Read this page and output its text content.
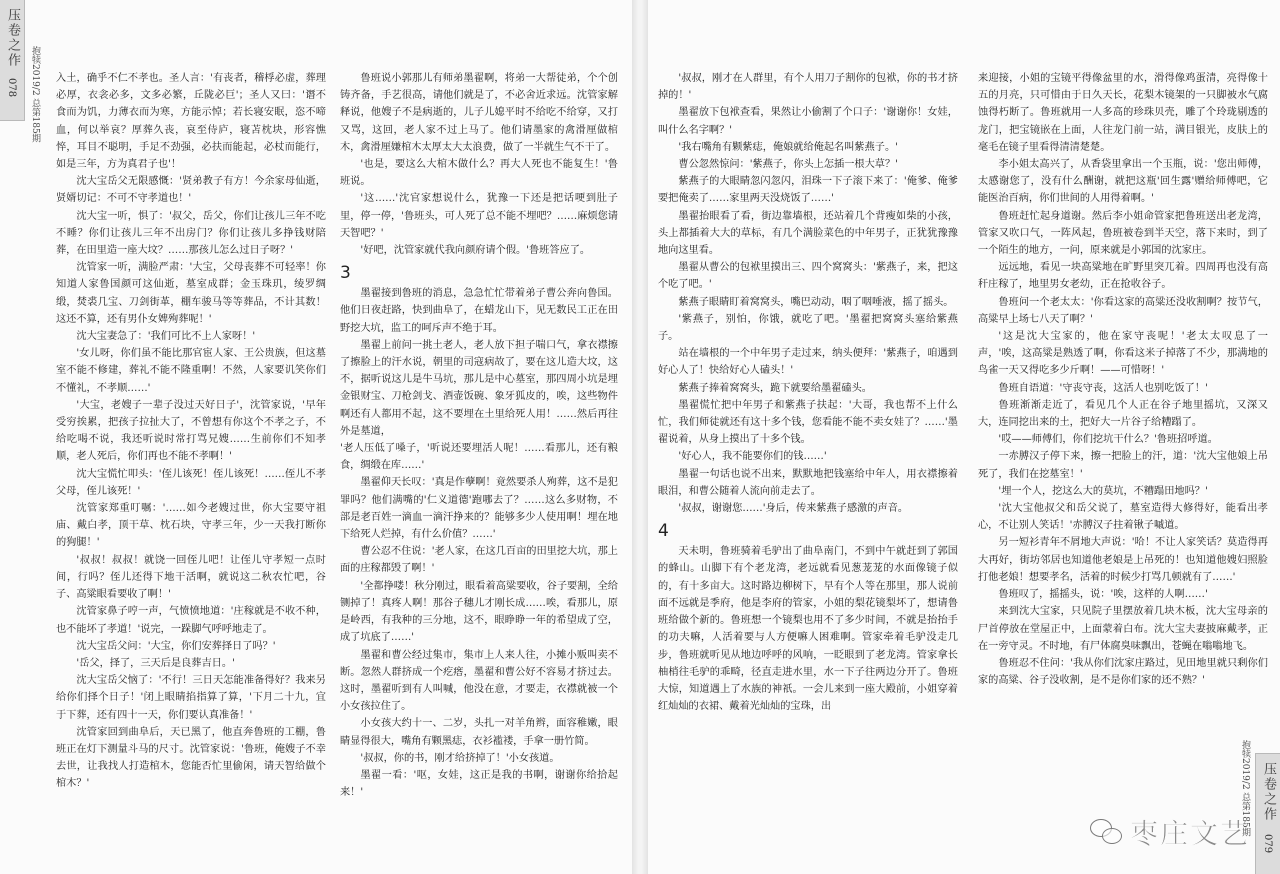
压卷之作
078 抱犊2019/2 总第185期 入土，确乎不仁不孝也。圣人言：'有丧者，稽桴必虚，葬理必厚，衣衾必多，文多必繁，丘陇必巨'；圣人又曰：'谮不食而为饥，力薄衣而为寒，方能示悼；若长寝安眠，恣不啼血，何以举哀？厚葬久丧，哀至侍庐，寝苫枕块，形容憔悴，耳目不聪明，手足不劲强，必扶而能起，必杖而能行，如是三年，方为真君子也'！

沈大宝岳父无限感慨：'贤弟教子有方！今余家母仙逝，贤婿切记：不可不守孝道也！'

沈大宝一听，惧了：'叔父，岳父，你们让孩儿三年不吃不睡？你们让孩儿三年不出房门？你们让孩儿多挣钱财陪葬，在田里造一座大坟？……那孩儿怎么过日子呀？'

沈管家一听，满脸严肃：'大宝，父母丧葬不可轻率！你知道人家鲁国颜可这仙逝，墓室成群；金玉珠玑，绫罗绸缎，焚裘几宝、刀剑街革，棚车骏马等等葬品，不计其数！这还不算，还有男仆女婢殉葬呢！'

沈大宝妻急了：'我们可比不上人家呀！'

'女儿呀，你们虽不能比那官宦人家、王公贵族，但这墓室不能不修建，葬礼不能不隆重啊！不然，人家要讥笑你们不懂礼，不孝顺……'

'大宝，老嫂子一辈子没过天好日子'，沈管家说，'早年受穷挨累，把孩子拉扯大了，不曾想有你这个不孝之子，不给吃喝不说，我还听说时常打骂兄嫂……生前你们不知孝顺，老人死后，你们再也不能不孝啊！'

沈大宝慌忙叩头：'侄儿该死！侄儿该死！……侄儿不孝父母，侄儿该死！'

沈管家郑重叮嘱：'……如今老嫂过世，你大宝要守祖庙、戴白孝，顶干草、枕石块，守孝三年，少一天我打断你的狗腿！'

'叔叔！叔叔！就饶一回侄儿吧！让侄儿守孝短一点时间，行吗？侄儿还得下地干活啊，就说这二秋农忙吧，谷子、高粱眼看要收了啊！'

沈管家鼻子哼一声，气愤愤地道：'庄稼就是不收不种，也不能坏了孝道！'说完，一跺脚气呼呼地走了。

沈大宝岳父问：'大宝，你们安葬择日了吗？'

'岳父，择了，三天后是良葬吉日。'

沈大宝岳父恼了：'不行！三日天怎能准备得好？我来另给你们择个日子！'闭上眼睛掐指算了算，'下月二十九，宜于下葬，还有四十一天，你们要认真准备！'

沈管家回到曲阜后，天已黑了，他直奔鲁班的工棚，鲁班正在灯下测量斗马的尺寸。沈管家说：'鲁班，俺嫂子不幸去世，让我找人打造棺木，您能否忙里偷闲，请天智给做个棺木？'

鲁班说小郭那儿有师弟墨翟啊，将弟一大帮徒弟，个个创铸齐备，手艺很高，请他们就是了，不必舍近求远。沈管家解释说，他嫂子不是病逝的，儿子儿媳平时不给吃不给穿，又打又骂，这回，老人家不过上马了。他们请墨家的禽滑厘做棺木，禽滑厘嫌棺木太厚太大太浪费，做了一半就生气不干了。

'也是，要这么大棺木做什么？再大人死也不能复生！'鲁班说。

'这……'沈官家想说什么，犹豫一下还是把话哽到肚子里，停一停，'鲁班头，可人死了总不能不埋吧？……麻烦您请天智吧？'

'好吧，沈管家就代我向颜府请个假。'鲁班答应了。

3

墨翟接到鲁班的消息，急急忙忙带着弟子曹公奔向鲁国。他们日夜赶路，快到曲阜了，在蜡龙山下，见无数民工正在田野挖大坑，监工的呵斥声不绝于耳。

墨翟上前问一挑土老人，老人放下担子喘口气，拿衣襟擦了擦脸上的汗水说，朝里的司寇病故了，要在这儿造大坟，这不，据听说这儿是牛马坑，那儿是中心墓室，那四周小坑是埋金银财宝、刀枪剑戈、酒壶饭碗、象牙狐皮的，唉，这些物件啊还有人都用不起，这不要埋在土里给死人用！……然后再往外是墓道，

'老人压低了嗓子，'听说还要埋活人呢！……看那儿，还有粮食，绸缎在库……'

墨翟仰天长叹：'真是作孽啊！竟然要杀人殉葬，这不是犯罪吗？他们满嘴的'仁义道德'跑哪去了？……这么多财物，不部是老百姓一滴血一滴汗挣来的？能够多少人使用啊！埋在地下给死人烂掉，有什么价值？……'

曹公忍不住说：'老人家，在这几百亩的田里挖大坑，那上面的庄稼都毁了啊！'

'全都挣喽！秋分刚过，眼看着高粱要收，谷子要割，全给铡掉了！真疼人啊！那谷子穗儿才刚长成……唉，看那儿，原是岭西，有我种的三分地，这不，眼睁睁一年的希望成了空，成了坑底了……'

墨翟和曹公经过集市，集市上人来人往，小摊小贩叫卖不断。忽然人群挤成一个疙瘩，墨翟和曹公好不容易才挤过去。这时，墨翟听到有人叫喊，他没在意，才要走，衣襟就被一个小女孩拉住了。

小女孩大约十一、二岁，头扎一对羊角辫，面容稚嫩，眼睛显得很大，嘴角有颗黑痣，衣衫褴褛，手拿一册竹简。

'叔叔，你的书，刚才给挤掉了！'小女孩道。

墨翟一看：'呕，女娃，这正是我的书啊，谢谢你给拾起来！'

'叔叔，刚才在人群里，有个人用刀子割你的包袱，你的书才挤掉的！'

墨翟放下包袱查看，果然让小偷割了个口子：'谢谢你！女娃，叫什么名字啊？'

'我右嘴角有颗紫痣，俺娘就给俺起名叫紫燕子。'

曹公忽然惊问：'紫燕子，你头上怎插一根大草？'

紫燕子的大眼睛忽闪忽闪，泪珠一下子滚下来了：'俺爹、俺爹要把俺卖了……家里两天没烧饭了……'

墨翟抬眼看了看，街边靠墙根，还站着几个背瘦如柴的小孩，头上都插着大大的草标，有几个满脸菜色的中年男子，正犹犹豫豫地向这里看。

墨翟从曹公的包袱里摸出三、四个窝窝头：'紫燕子，来，把这个吃了吧。'

紫燕子眼睛盯着窝窝头，嘴巴动动，咽了咽唾液，摇了摇头。

'紫燕子，别怕，你饿，就吃了吧。'墨翟把窝窝头塞给紫燕子。

站在墙根的一个中年男子走过来，纳头便拜：'紫燕子，咱遇到好心人了！快给好心人磕头！'

紫燕子捧着窝窝头，跪下就要给墨翟磕头。

墨翟慌忙把中年男子和紫燕子扶起：'大哥，我也帮不上什么忙，我们师徒就还有这十多个钱，您看能不能不卖女娃了？……'墨翟说着，从身上摸出了十多个钱。

'好心人，我不能要你们的钱……'

墨翟一句话也说不出来，默默地把钱塞给中年人，用衣襟擦着眼泪，和曹公随着人流向前走去了。

'叔叔，谢谢您……'身后，传来紫燕子感激的声音。

4

天未明，鲁班骑着毛驴出了曲阜南门，不到中午就赶到了郭国的蜂山。山脚下有个老龙湾，老远就看见葱茏茏的水面像镜子似的，有十多亩大。这时路边柳树下，早有个人等在那里，那人说前面不远就是季府，他是李府的管家，小姐的梨花镜梨坏了，想请鲁班给做个新的。鲁班想一个镜梨也用不了多少时间，不就是抬抬手的功夫嘛，人活着要与人方便嘛人困难啊。管家牵着毛驴没走几步，鲁班就听见从地边呼呼的风响，一眨眼到了老龙湾。管家拿长柚梢往毛驴的乖畸，径直走进水里，水一下子往两边分开了。鲁班大惊，知道遇上了水族的神祇。一会儿来到一座大殿前，小姐穿着红灿灿的衣裙、戴着光灿灿的宝珠，出

来迎接，小姐的宝镜平得像盆里的水，滑得像鸡蛋清，亮得像十五的月亮，只可惜由于日久天长，花梨木镜架的一只脚被水气腐蚀得朽断了。鲁班就用一人多高的珍珠贝壳，雕了个玲珑剔透的龙门，把宝镜嵌在上面，人往龙门前一站，满目银光，皮肤上的毫毛在镜子里看得清清楚楚。

李小姐太高兴了，从香袋里拿出一个玉瓶，说：'您出师傅，太感谢您了，没有什么酬谢，就把这瓶'回生露'赠给师傅吧，它能医治百病，你们世间的人用得着啊。'

鲁班赶忙起身道谢。然后李小姐命管家把鲁班送出老龙湾，管家又吹口气，一阵风起，鲁班被卷到半天空，落下来时，到了一个陌生的地方，一问，原来就是小郭国的沈家庄。

远远地，看见一块高粱地在旷野里突兀着。四周再也没有高秆庄稼了，地里男女老幼，正在抢收谷子。

鲁班问一个老太太：'你看这家的高粱还没收割啊？按节气，高粱早上场七八天了啊？'

'这是沈大宝家的，他在家守丧呢！'老太太叹息了一声，'唉，这高粱是熟透了啊，你看这米子掉落了不少，那满地的鸟雀一天又得吃多少斤啊！——可惜呀！'

鲁班自语道：'守丧守丧，这活人也别吃饭了！'

鲁班渐渐走近了，看见几个人正在谷子地里摇坑，又深又大，连同挖出来的土，把好大一片谷子给糟蹋了。

'哎——师傅们，你们挖坑干什么？'鲁班招呼道。

一赤膊汉子停下来，擦一把脸上的汗，道：'沈大宝他娘上吊死了，我们在挖墓室！'

'埋一个人，挖这么大的莫坑，不糟蹋田地吗？'

'沈大宝他叔父和岳父说了，墓室造得大修得好，能看出孝心，不让别人笑话！'赤膊汉子拄着锹子嘁道。

另一短衫青年不屑地大声说：'哈！不让人家笑话？莫造得再大再好，街坊邻居也知道他老娘是上吊死的！也知道他嫂妇照脸打他老娘！想要孝名，活着的时候少打骂几顿就有了……'

鲁班叹了，摇摇头，说：'唉，这样的人啊……'

来到沈大宝家，只见院子里摆放着几块木板，沈大宝母亲的尸首停放在堂屋正中，上面蒙着白布。沈大宝夫妻披麻戴孝，正在一旁守灵。不时地，有尸体腐臭味飘出，苍蝇在嗡嗡地飞。

鲁班忍不住问：'我从你们沈家庄路过，见田地里就只剩你们家的高粱、谷子没收割，是不是你们家的还不熟？'

抱犊2019/2 总第185期 压卷之作
079
枣庄文艺
